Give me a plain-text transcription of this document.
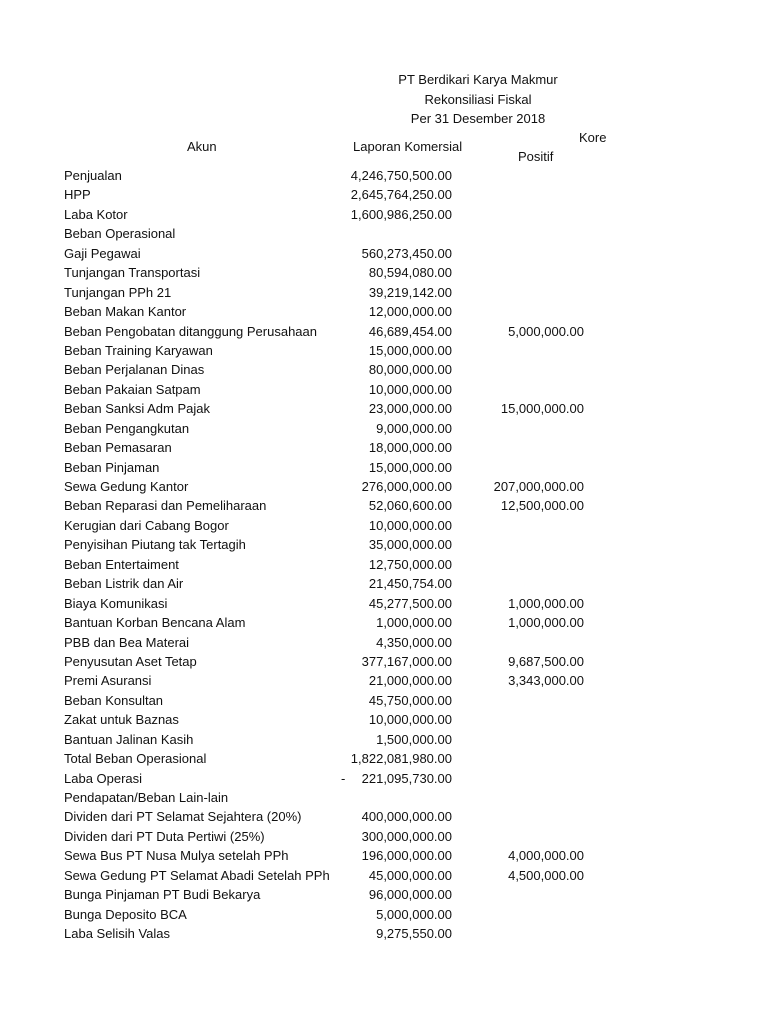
PT Berdikari Karya Makmur
Rekonsiliasi Fiskal
Per 31 Desember 2018
Akun	Laporan Komersial
Kore
Positif
Penjualan	4,246,750,500.00
HPP	2,645,764,250.00
Laba Kotor	1,600,986,250.00
Beban Operasional
Gaji Pegawai	560,273,450.00
Tunjangan Transportasi	80,594,080.00
Tunjangan PPh 21	39,219,142.00
Beban Makan Kantor	12,000,000.00
Beban Pengobatan ditanggung Perusahaan	46,689,454.00	5,000,000.00
Beban Training Karyawan	15,000,000.00
Beban Perjalanan Dinas	80,000,000.00
Beban Pakaian Satpam	10,000,000.00
Beban Sanksi Adm Pajak	23,000,000.00	15,000,000.00
Beban Pengangkutan	9,000,000.00
Beban Pemasaran	18,000,000.00
Beban Pinjaman	15,000,000.00
Sewa Gedung Kantor	276,000,000.00	207,000,000.00
Beban Reparasi dan Pemeliharaan	52,060,600.00	12,500,000.00
Kerugian dari Cabang Bogor	10,000,000.00
Penyisihan Piutang tak Tertagih	35,000,000.00
Beban Entertaiment	12,750,000.00
Beban Listrik dan Air	21,450,754.00
Biaya Komunikasi	45,277,500.00	1,000,000.00
Bantuan Korban Bencana Alam	1,000,000.00	1,000,000.00
PBB dan Bea Materai	4,350,000.00
Penyusutan Aset Tetap	377,167,000.00	9,687,500.00
Premi Asuransi	21,000,000.00	3,343,000.00
Beban Konsultan	45,750,000.00
Zakat untuk Baznas	10,000,000.00
Bantuan Jalinan Kasih	1,500,000.00
Total Beban Operasional	1,822,081,980.00
Laba Operasi	- 221,095,730.00
Pendapatan/Beban Lain-lain
Dividen dari PT Selamat Sejahtera (20%)	400,000,000.00
Dividen dari PT Duta Pertiwi (25%)	300,000,000.00
Sewa Bus PT Nusa Mulya setelah PPh	196,000,000.00	4,000,000.00
Sewa Gedung PT Selamat Abadi Setelah PPh	45,000,000.00	4,500,000.00
Bunga Pinjaman PT Budi Bekarya	96,000,000.00
Bunga Deposito BCA	5,000,000.00
Laba Selisih Valas	9,275,550.00
